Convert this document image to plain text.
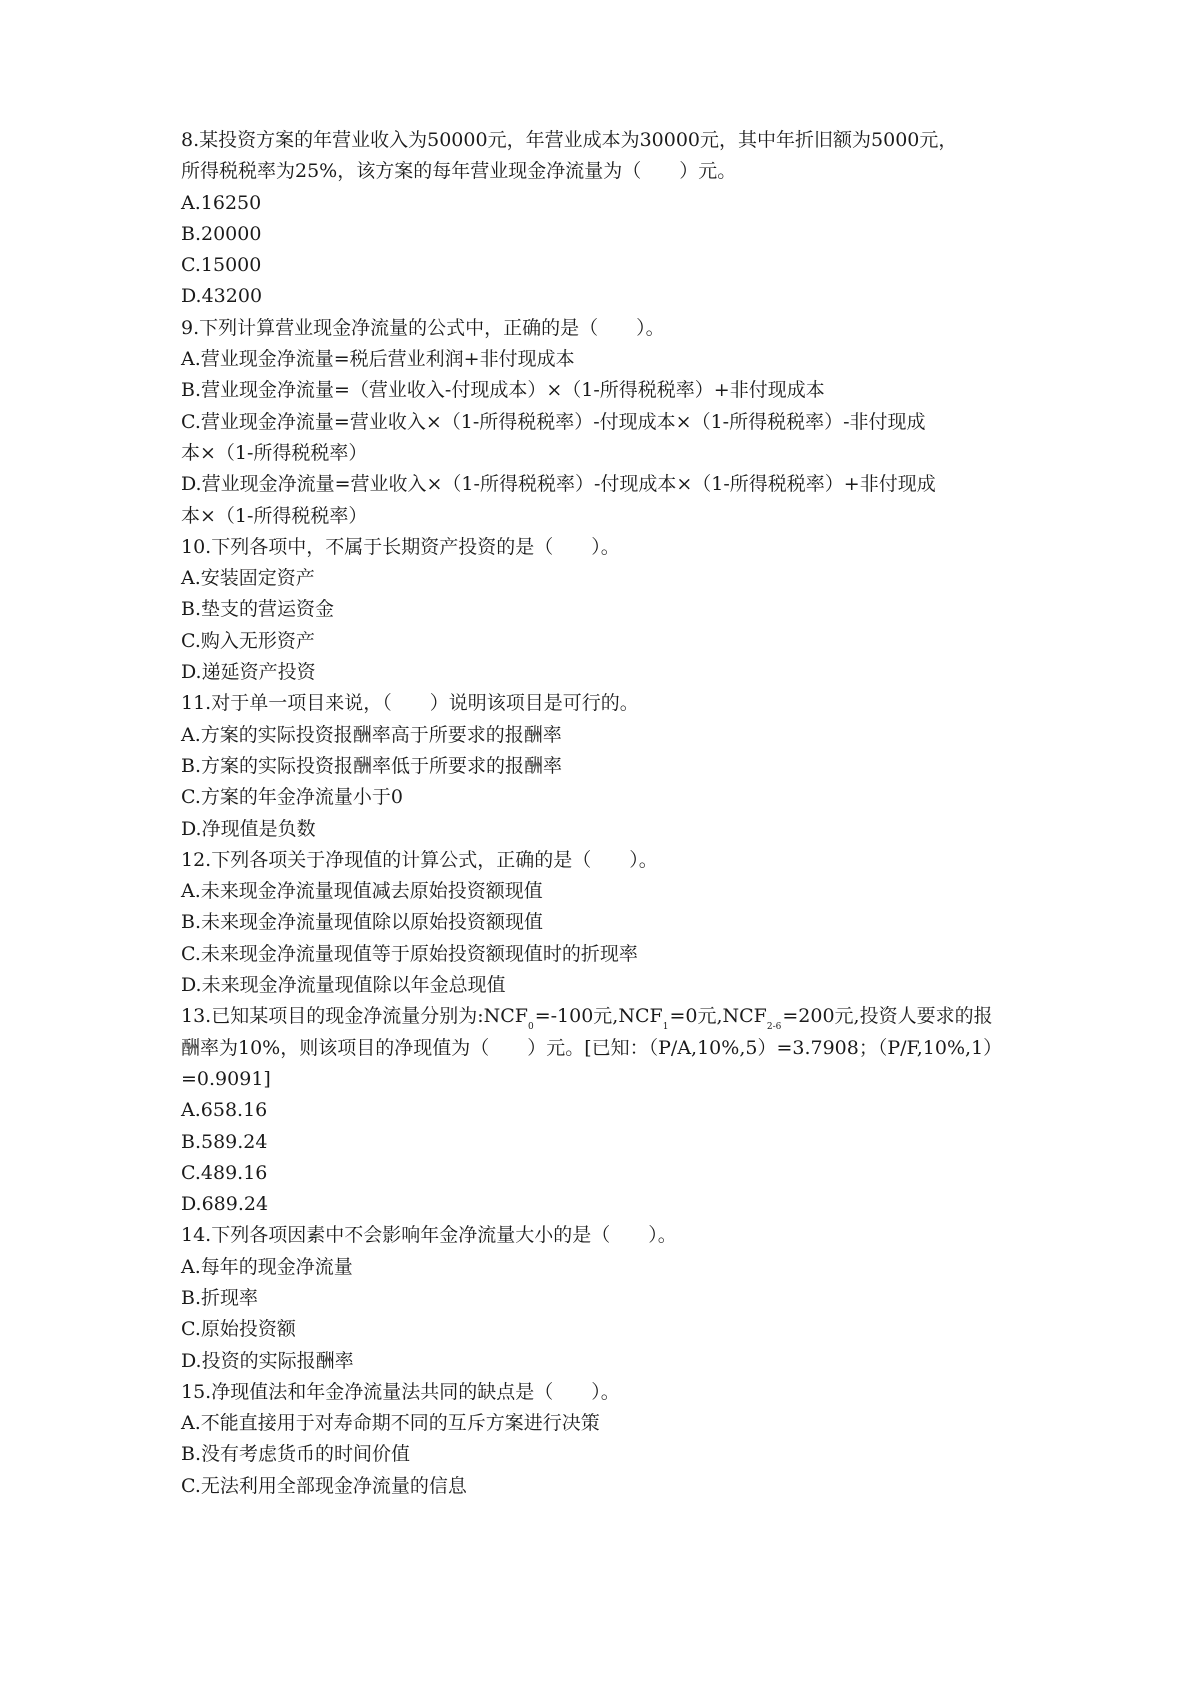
8.某投资方案的年营业收入为50000元，年营业成本为30000元，其中年折旧额为5000元，
所得税税率为25%，该方案的每年营业现金净流量为（　　）元。
A.16250
B.20000
C.15000
D.43200
9.下列计算营业现金净流量的公式中，正确的是（　　）。
A.营业现金净流量=税后营业利润+非付现成本
B.营业现金净流量=（营业收入-付现成本）×（1-所得税税率）+非付现成本
C.营业现金净流量=营业收入×（1-所得税税率）-付现成本×（1-所得税税率）-非付现成
本×（1-所得税税率）
D.营业现金净流量=营业收入×（1-所得税税率）-付现成本×（1-所得税税率）+非付现成
本×（1-所得税税率）
10.下列各项中，不属于长期资产投资的是（　　）。
A.安装固定资产
B.垫支的营运资金
C.购入无形资产
D.递延资产投资
11.对于单一项目来说，（　　）说明该项目是可行的。
A.方案的实际投资报酬率高于所要求的报酬率
B.方案的实际投资报酬率低于所要求的报酬率
C.方案的年金净流量小于0
D.净现值是负数
12.下列各项关于净现值的计算公式，正确的是（　　）。
A.未来现金净流量现值减去原始投资额现值
B.未来现金净流量现值除以原始投资额现值
C.未来现金净流量现值等于原始投资额现值时的折现率
D.未来现金净流量现值除以年金总现值
13.已知某项目的现金净流量分别为$:NCF_0=-100$元$,NCF_1=0$元$,NCF_{2-6}=200$元,投资人要求的报
酬率为10%，则该项目的净现值为（　　）元。[已知：（P/A,10%,5）=3.7908；（P/F,10%,1）
=0.9091]
A.658.16
B.589.24
C.489.16
D.689.24
14.下列各项因素中不会影响年金净流量大小的是（　　）。
A.每年的现金净流量
B.折现率
C.原始投资额
D.投资的实际报酬率
15.净现值法和年金净流量法共同的缺点是（　　）。
A.不能直接用于对寿命期不同的互斥方案进行决策
B.没有考虑货币的时间价值
C.无法利用全部现金净流量的信息
